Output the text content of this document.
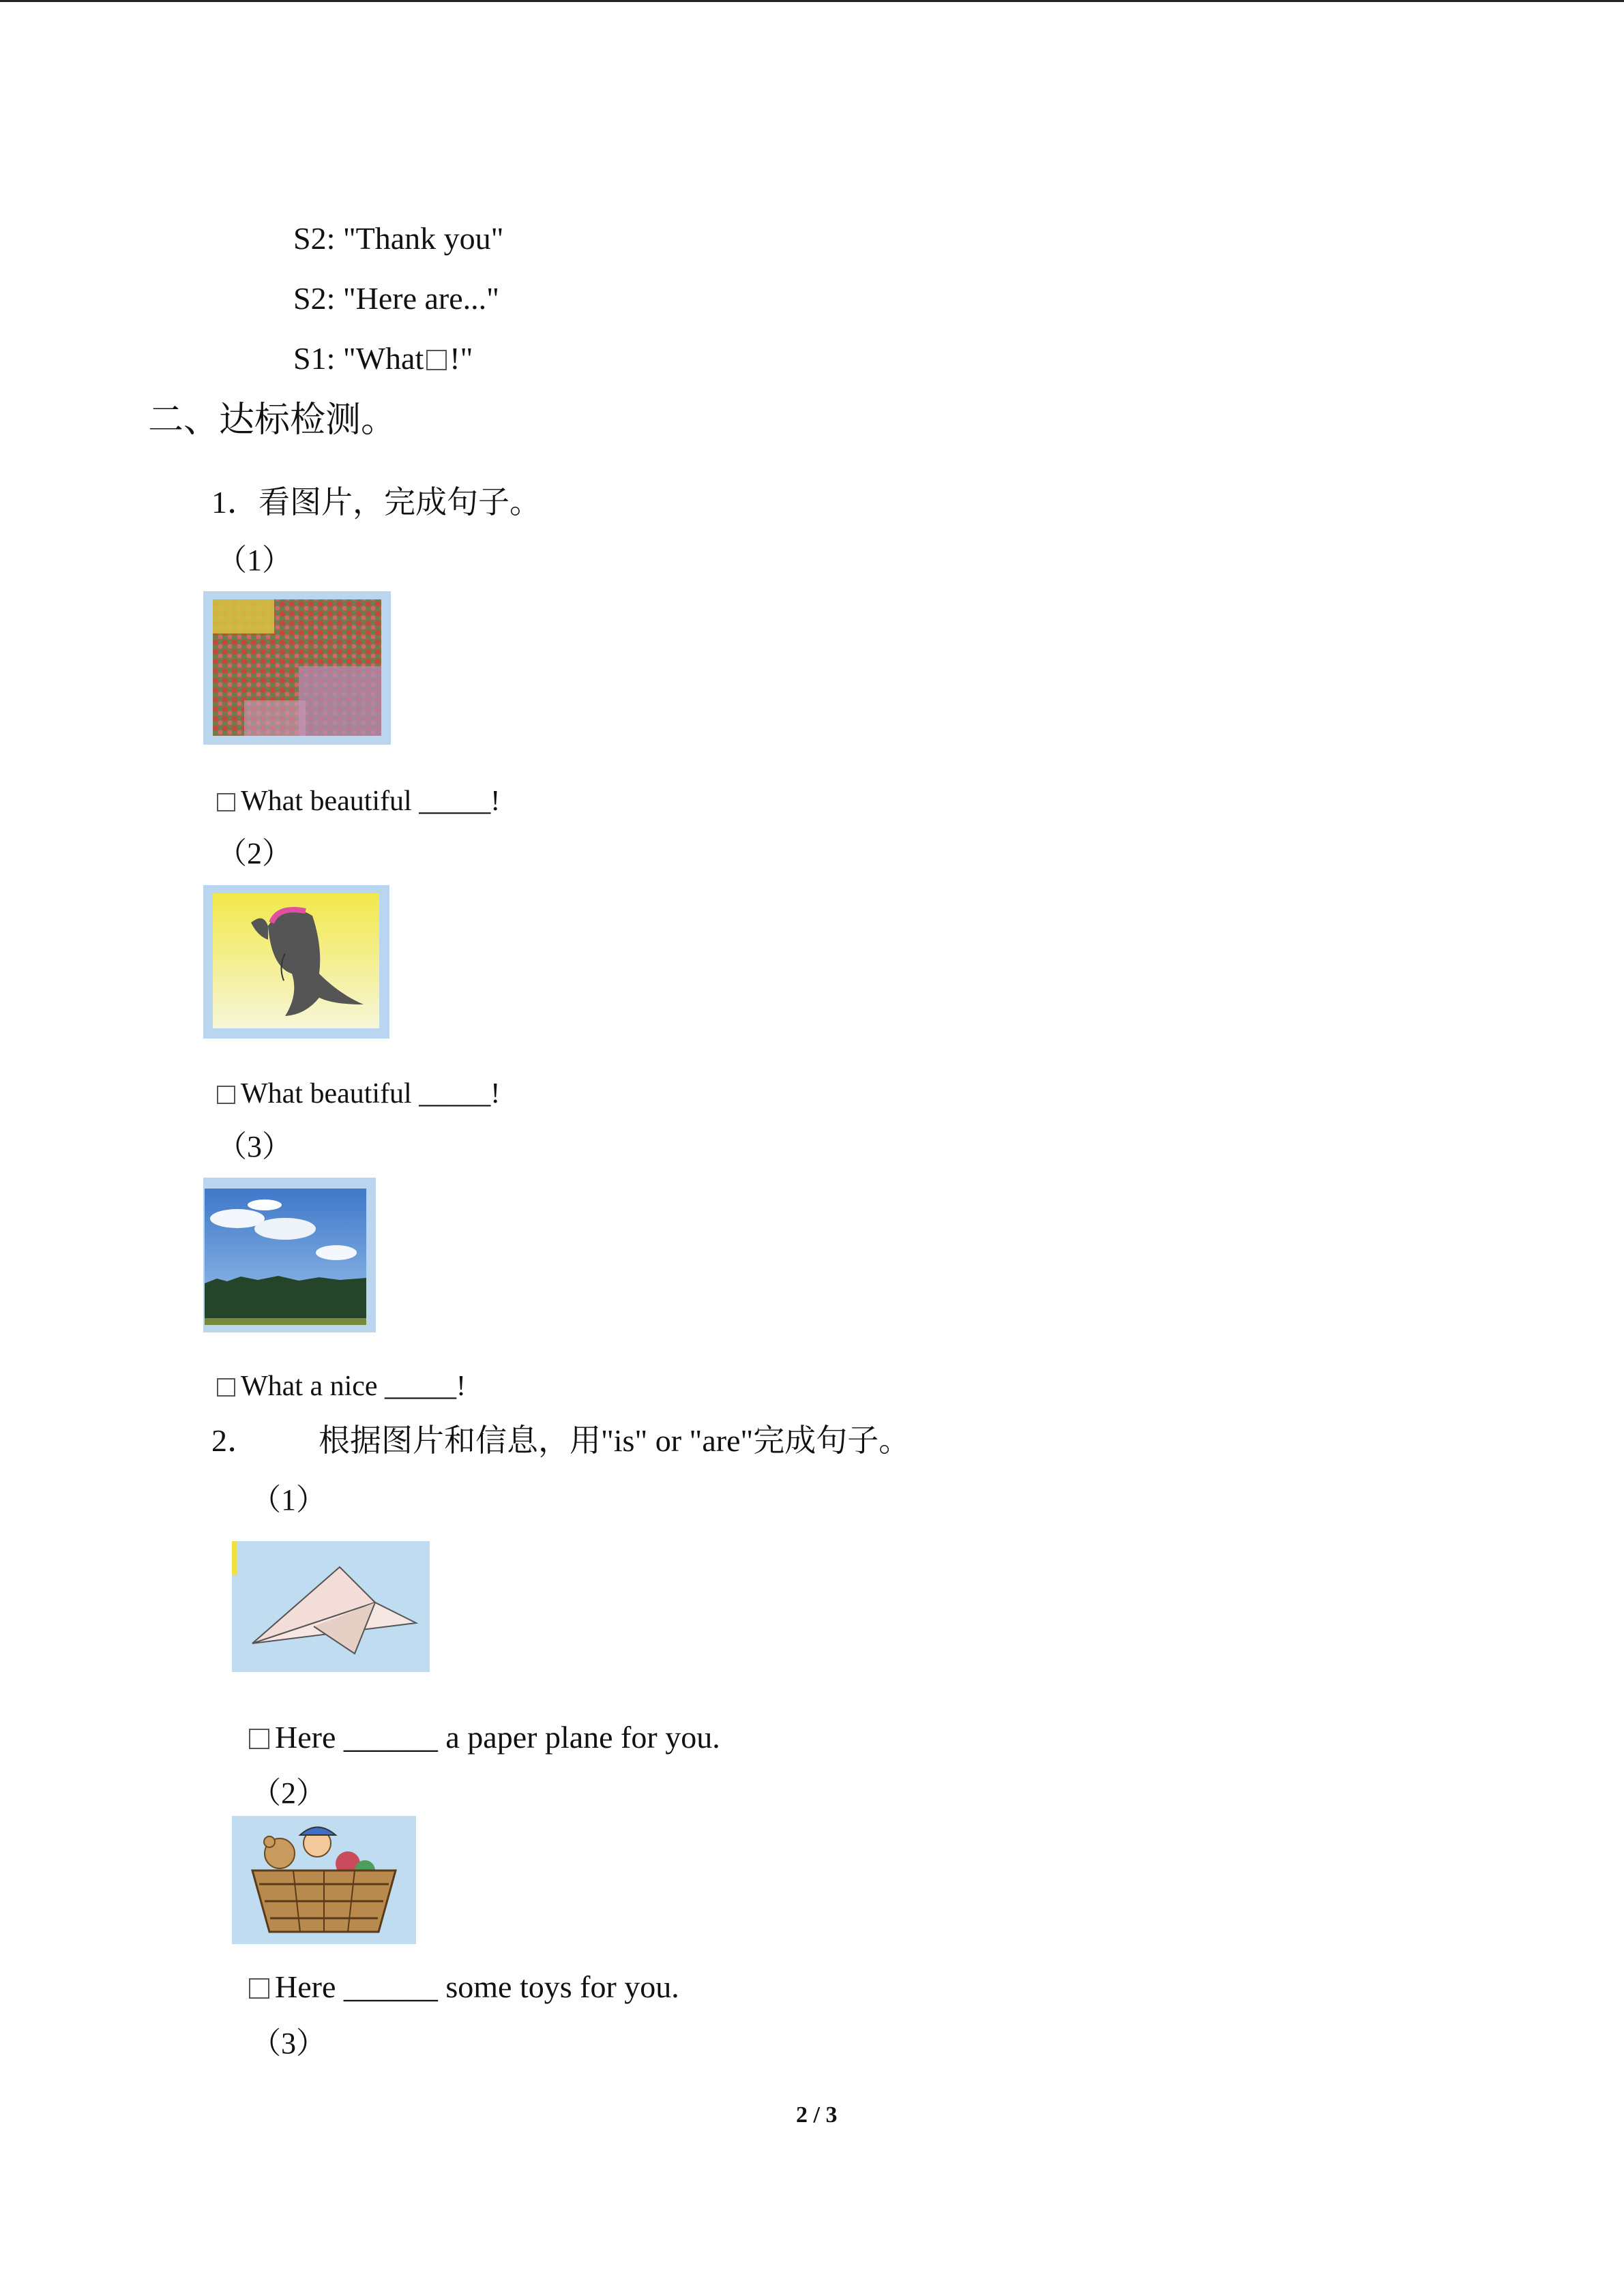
S2: "Thank you"
S2: "Here are..."
S1: "What !"
二、达标检测。
1．看图片，完成句子。
（1）
What beautiful _____!
（2）
What beautiful _____!
（3）
What a nice _____!
2． 根据图片和信息，用"is" or "are"完成句子。
（1）
Here ______ a paper plane for you.
（2）
Here ______ some toys for you.
（3）
2 / 3
